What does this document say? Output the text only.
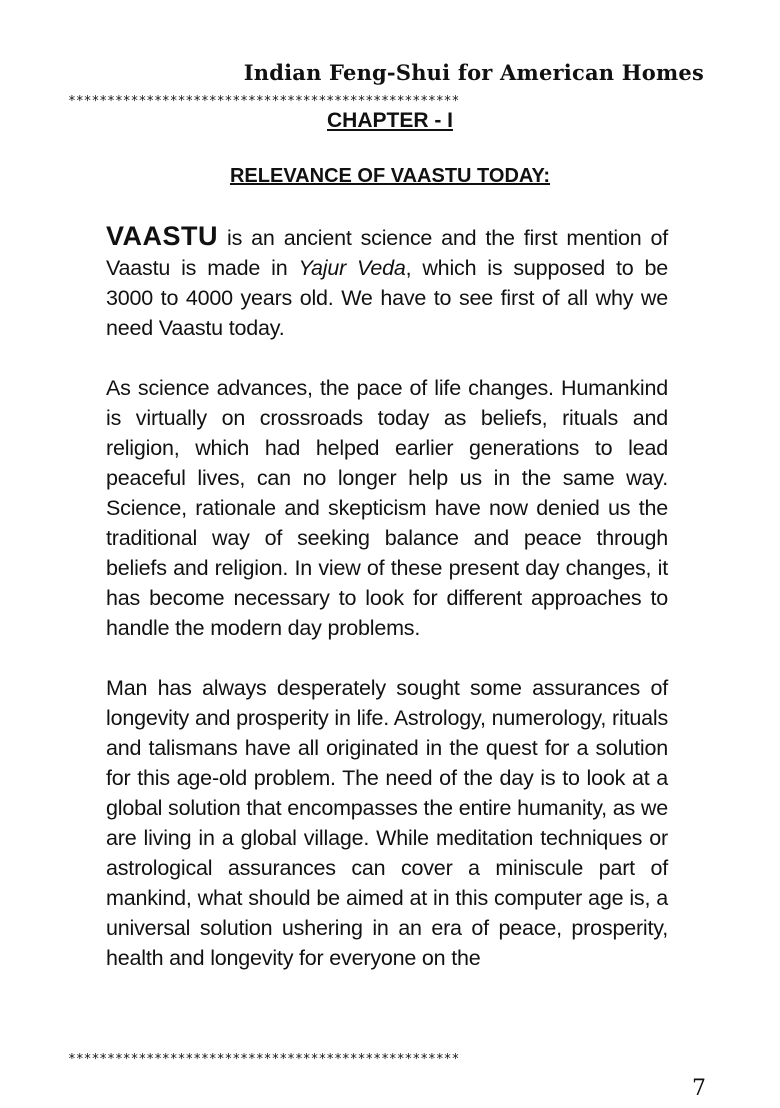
Indian Feng-Shui for American Homes
**************************************************
CHAPTER - I
RELEVANCE OF VAASTU TODAY:

VAASTU is an ancient science and the first mention of Vaastu is made in Yajur Veda, which is supposed to be 3000 to 4000 years old. We have to see first of all why we need Vaastu today.

As science advances, the pace of life changes. Humankind is virtually on crossroads today as beliefs, rituals and religion, which had helped earlier generations to lead peaceful lives, can no longer help us in the same way. Science, rationale and skepticism have now denied us the traditional way of seeking balance and peace through beliefs and religion. In view of these present day changes, it has become necessary to look for different approaches to handle the modern day problems.

Man has always desperately sought some assurances of longevity and prosperity in life. Astrology, numerology, rituals and talismans have all originated in the quest for a solution for this age-old problem. The need of the day is to look at a global solution that encompasses the entire humanity, as we are living in a global village. While meditation techniques or astrological assurances can cover a miniscule part of mankind, what should be aimed at in this computer age is, a universal solution ushering in an era of peace, prosperity, health and longevity for everyone on the

**************************************************
7
